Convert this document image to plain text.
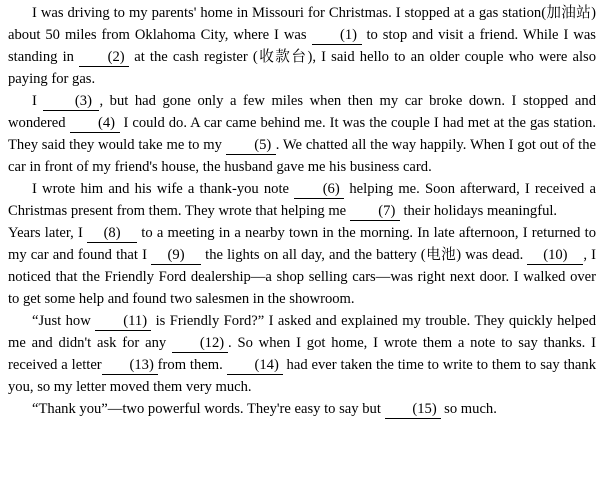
I was driving to my parents' home in Missouri for Christmas. I stopped at a gas station(加油站) about 50 miles from Oklahoma City, where I was (1) to stop and visit a friend. While I was standing in (2) at the cash register (收款台), I said hello to an older couple who were also paying for gas.

I (3) , but had gone only a few miles when then my car broke down. I stopped and wondered (4) I could do. A car came behind me. It was the couple I had met at the gas station. They said they would take me to my (5) . We chatted all the way happily. When I got out of the car in front of my friend's house, the husband gave me his business card.

I wrote him and his wife a thank-you note (6) helping me. Soon afterward, I received a Christmas present from them. They wrote that helping me (7) their holidays meaningful.

Years later, I (8) to a meeting in a nearby town in the morning. In late afternoon, I returned to my car and found that I (9) the lights on all day, and the battery (电池) was dead. (10) , I noticed that the Friendly Ford dealership—a shop selling cars—was right next door. I walked over to get some help and found two salesmen in the showroom.

“Just how (11) is Friendly Ford?” I asked and explained my trouble. They quickly helped me and didn't ask for any (12) . So when I got home, I wrote them a note to say thanks. I received a letter (13) from them. (14) had ever taken the time to write to them to say thank you, so my letter moved them very much.

“Thank you”—two powerful words. They're easy to say but (15) so much.
